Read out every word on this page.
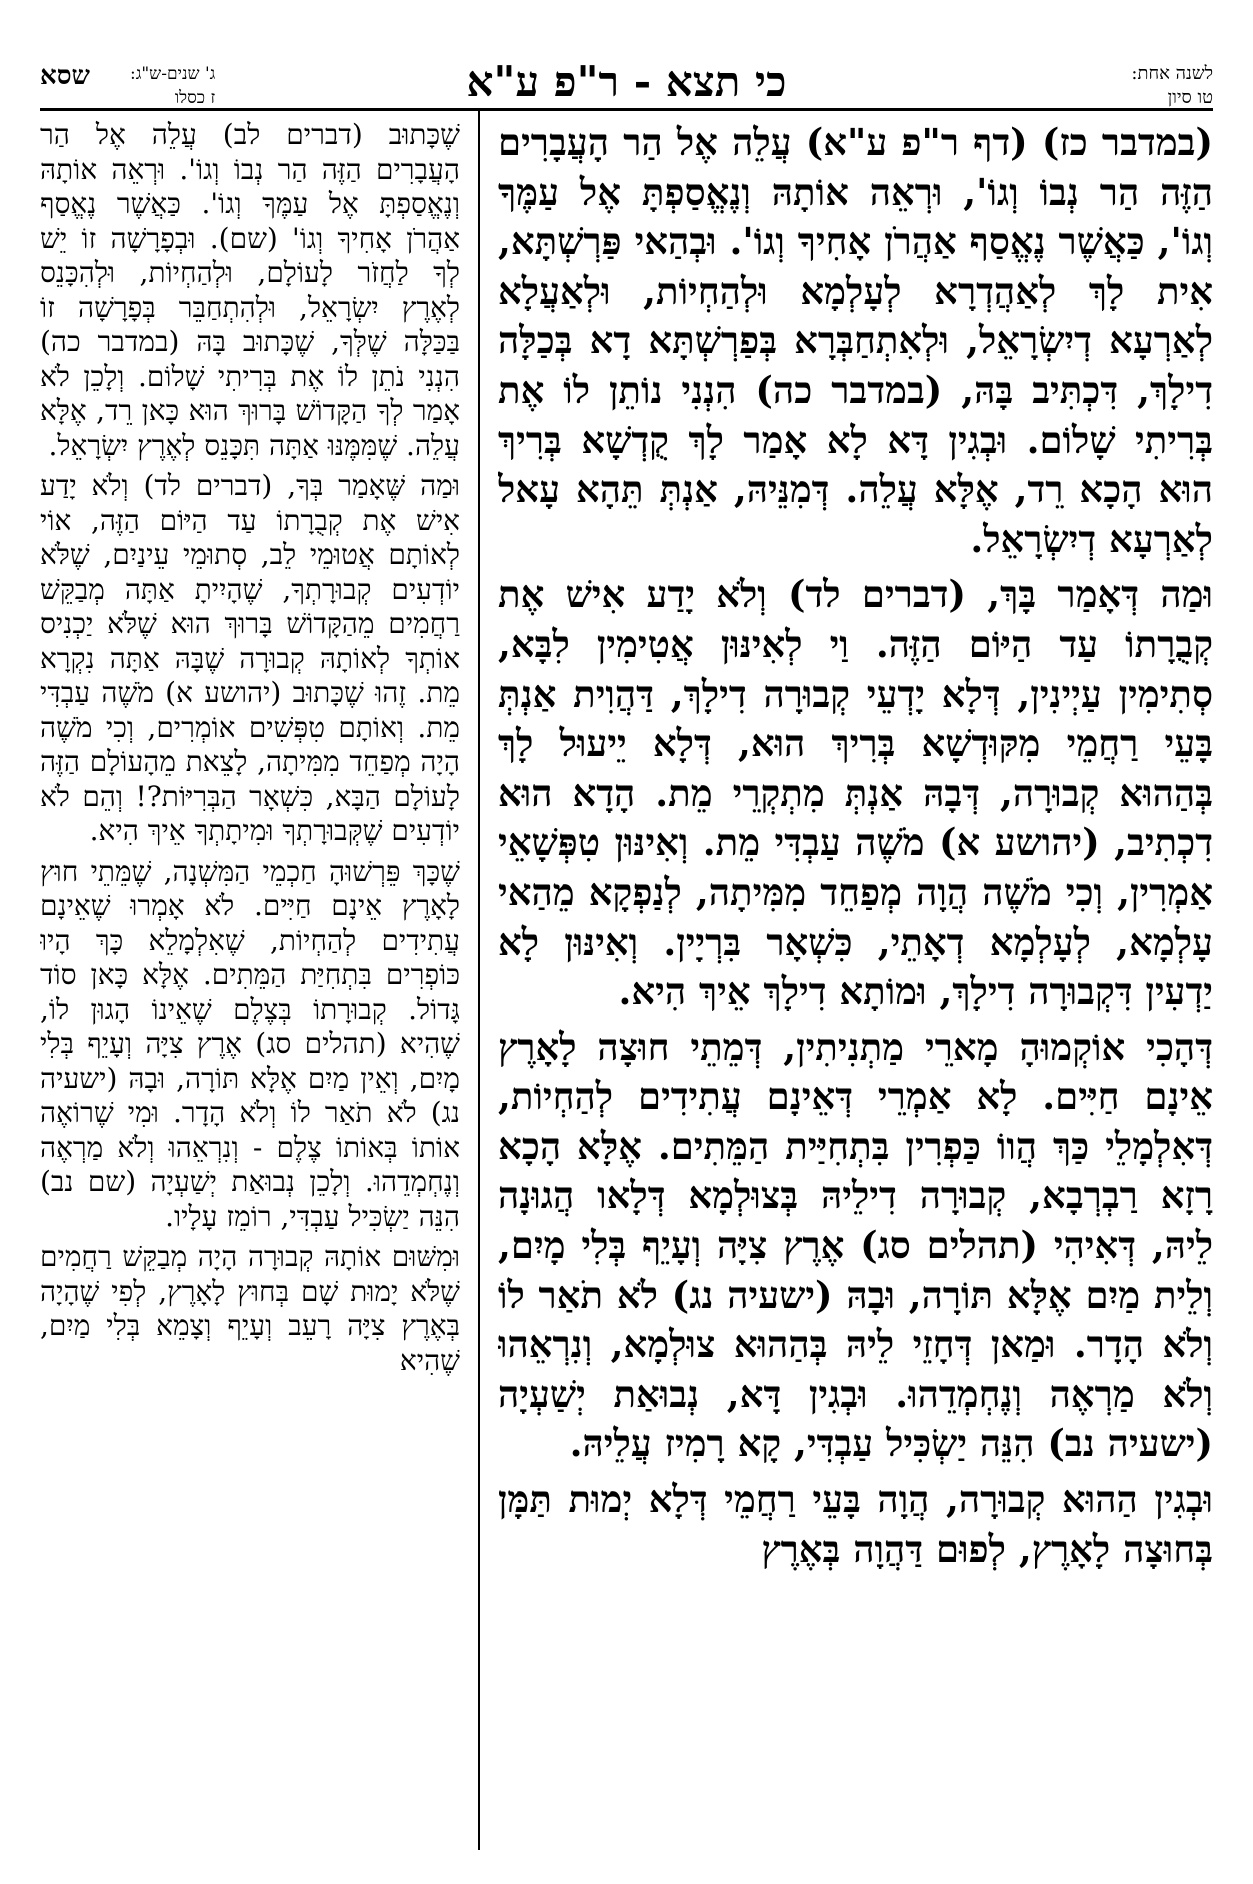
לשנה אחת:
טו סיון
כי תצא - ר"פ ע"א
ג' שנים-ש"ג:
ז כסלו
שסא

(במדבר כז) (דף ר"פ ע"א) עֲלֵה אֶל הַר הָעֲבָרִים הַזֶּה הַר נְבוֹ וְגוֹ', וּרְאֵה אוֹתָהּ וְנֶאֱסַפְתָּ אֶל עַמֶּךָ וְגוֹ', כַּאֲשֶׁר נֶאֱסַף אַהֲרֹן אָחִיךָ וְגוֹ'. וּבְהַאי פַּרְשְׁתָּא, אִית לָךְ לְאַהֲדְרָא לְעָלְמָא וּלְהַחְיוֹת, וּלְאַעֲלָא לְאַרְעָא דְיִשְׂרָאֵל, וּלְאִתְחַבְּרָא בְּפַרְשְׁתָּא דָא בְּכַלָּה דִילָךְ, דִּכְתִּיב בָּהּ, (במדבר כה) הִנְנִי נוֹתֵן לוֹ אֶת בְּרִיתִי שָׁלוֹם. וּבְגִין דָּא לָא אָמַר לָךְ קֻדְשָׁא בְּרִיךְ הוּא הָכָא רֵד, אֶלָּא עֲלֵה. דְּמִנֵּיהּ, אַנְתְּ תֵּהָא עָאל לְאַרְעָא דְיִשְׂרָאֵל.

וּמַה דְּאָמַר בָּךְ, (דברים לד) וְלֹא יָדַע אִישׁ אֶת קְבֻרָתוֹ עַד הַיּוֹם הַזֶּה. וַי לְאִינּוּן אֲטִימִין לִבָּא, סְתִימִין עַיְינִין, דְּלָא יָדְעֵי קְבוּרָה דִילָךְ, דַּהֲוִית אַנְתְּ בָּעֵי רַחֲמֵי מִקּוּדְשָׁא בְּרִיךְ הוּא, דְּלָא יֵיעוּל לָךְ בְּהַהוּא קְבוּרָה, דְּבָהּ אַנְתְּ מִתְקְרֵי מֵת. הָדָא הוּא דִכְתִיב, (יהושע א) מֹשֶׁה עַבְדִּי מֵת. וְאִינּוּן טִפְּשָׁאֵי אַמְרִין, וְכִי מֹשֶׁה הֲוָה מְפַחֵד מִמִּיתָה, לְנַפְקָא מֵהַאי עָלְמָא, לְעָלְמָא דְאָתֵי, כִּשְׁאָר בִּרְיָין. וְאִינּוּן לָא יַדְעִין דִּקְבוּרָה דִילָךְ, וּמוֹתָא דִילָךְ אֵיךְ הִיא.

דְּהָכִי אוֹקְמוּהָ מָארֵי מַתְנִיתִין, דְּמֵתֵי חוּצָה לָאָרֶץ אֵינָם חַיִּים. לָא אַמְרֵי דְּאֵינָם עֲתִידִים לְהַחְיוֹת, דְּאִלְמָלֵי כַּךְ הֲווֹ כַּפְרִין בִּתְחִיַּית הַמֵּתִים. אֶלָּא הָכָא רָזָא רַבְרְבָא, קְבוּרָה דִילֵיהּ בְּצוּלְמָא דְּלָאו הֲגוּנָה לֵיהּ, דְּאִיהִי (תהלים סג) אֶרֶץ צִיָּה וְעָיֵף בְּלִי מָיִם, וְלֵית מַיִם אֶלָּא תּוֹרָה, וּבָהּ (ישעיה נג) לֹא תֹאַר לוֹ וְלֹא הָדָר. וּמַאן דְּחָזֵי לֵיהּ בְּהַהוּא צוּלְמָא, וְנִרְאֵהוּ וְלֹא מַרְאֶה וְנֶחְמְדֵהוּ. וּבְגִין דָּא, נְבוּאַת יְשַׁעְיָה (ישעיה נב) הִנֵּה יַשְׂכִּיל עַבְדִּי, קָא רָמִיז עֲלֵיהּ.

וּבְגִין הַהוּא קְבוּרָה, הֲוָה בָּעֵי רַחֲמֵי דְּלָא יְמוּת תַּמָּן בְּחוּצָה לָאָרֶץ, לְפוּם דַּהֲוָה בְּאֶרֶץ

שֶׁכָּתוּב (דברים לב) עֲלֵה אֶל הַר הָעֲבָרִים הַזֶּה הַר נְבוֹ וְגוֹ'. וּרְאֵה אוֹתָהּ וְנֶאֱסַפְתָּ אֶל עַמֶּךָ וְגוֹ'. כַּאֲשֶׁר נֶאֱסַף אַהֲרֹן אָחִיךָ וְגוֹ' (שם). וּבְפָרָשָׁה זוֹ יֵשׁ לְךָ לַחֲזֹר לָעוֹלָם, וּלְהַחְיוֹת, וּלְהִכָּנֵס לְאֶרֶץ יִשְׂרָאֵל, וּלְהִתְחַבֵּר בְּפָרָשָׁה זוֹ בַּכַּלָּה שֶׁלְּךָ, שֶׁכָּתוּב בָּהּ (במדבר כה) הִנְנִי נֹתֵן לוֹ אֶת בְּרִיתִי שָׁלוֹם. וְלָכֵן לֹא אָמַר לְךָ הַקָּדוֹשׁ בָּרוּךְ הוּא כָּאן רֵד, אֶלָּא עֲלֵה. שֶׁמִּמֶּנּוּ אַתָּה תִּכָּנֵס לְאֶרֶץ יִשְׂרָאֵל.

וּמַה שֶּׁאָמַר בְּךָ, (דברים לד) וְלֹא יָדַע אִישׁ אֶת קְבֻרָתוֹ עַד הַיּוֹם הַזֶּה, אוֹי לְאוֹתָם אֲטוּמֵי לֵב, סְתוּמֵי עֵינַיִם, שֶׁלֹּא יוֹדְעִים קְבוּרָתְךָ, שֶׁהָיִיתָ אַתָּה מְבַקֵּשׁ רַחֲמִים מֵהַקָּדוֹשׁ בָּרוּךְ הוּא שֶׁלֹּא יַכְנִיס אוֹתְךָ לְאוֹתָהּ קְבוּרָה שֶׁבָּהּ אַתָּה נִקְרָא מֵת. זֶהוּ שֶׁכָּתוּב (יהושע א) מֹשֶׁה עַבְדִּי מֵת. וְאוֹתָם טִפְּשִׁים אוֹמְרִים, וְכִי מֹשֶׁה הָיָה מְפַחֵד מִמִּיתָה, לָצֵאת מֵהָעוֹלָם הַזֶּה לָעוֹלָם הַבָּא, כִּשְׁאָר הַבְּרִיּוֹת?! וְהֵם לֹא יוֹדְעִים שֶׁקְּבוּרָתְךָ וּמִיתָתְךָ אֵיךְ הִיא.

שֶׁכָּךְ פֵּרְשׁוּהָ חַכְמֵי הַמִּשְׁנָה, שֶׁמֵּתֵי חוּץ לָאָרֶץ אֵינָם חַיִּים. לֹא אָמְרוּ שֶׁאֵינָם עֲתִידִים לְהַחְיוֹת, שֶׁאִלְמָלֵא כָּךְ הָיוּ כּוֹפְרִים בִּתְחִיַּת הַמֵּתִים. אֶלָּא כָּאן סוֹד גָּדוֹל. קְבוּרָתוֹ בְּצֶלֶם שֶׁאֵינוֹ הָגוּן לוֹ, שֶׁהִיא (תהלים סג) אֶרֶץ צִיָּה וְעָיֵף בְּלִי מָיִם, וְאֵין מַיִם אֶלָּא תּוֹרָה, וּבָהּ (ישעיה נג) לֹא תֹאַר לוֹ וְלֹא הָדָר. וּמִי שֶׁרוֹאֶה אוֹתוֹ בְּאוֹתוֹ צֶלֶם - וְנִרְאֵהוּ וְלֹא מַרְאֶה וְנֶחְמְדֵהוּ. וְלָכֵן נְבוּאַת יְשַׁעְיָה (שם נב) הִנֵּה יַשְׂכִּיל עַבְדִּי, רוֹמֵז עָלָיו.

וּמִשּׁוּם אוֹתָהּ קְבוּרָה הָיָה מְבַקֵּשׁ רַחֲמִים שֶׁלֹּא יָמוּת שָׁם בְּחוּץ לָאָרֶץ, לְפִי שֶׁהָיָה בְּאֶרֶץ צִיָּה רָעֵב וְעָיֵף וְצָמֵא בְּלִי מַיִם, שֶׁהִיא
